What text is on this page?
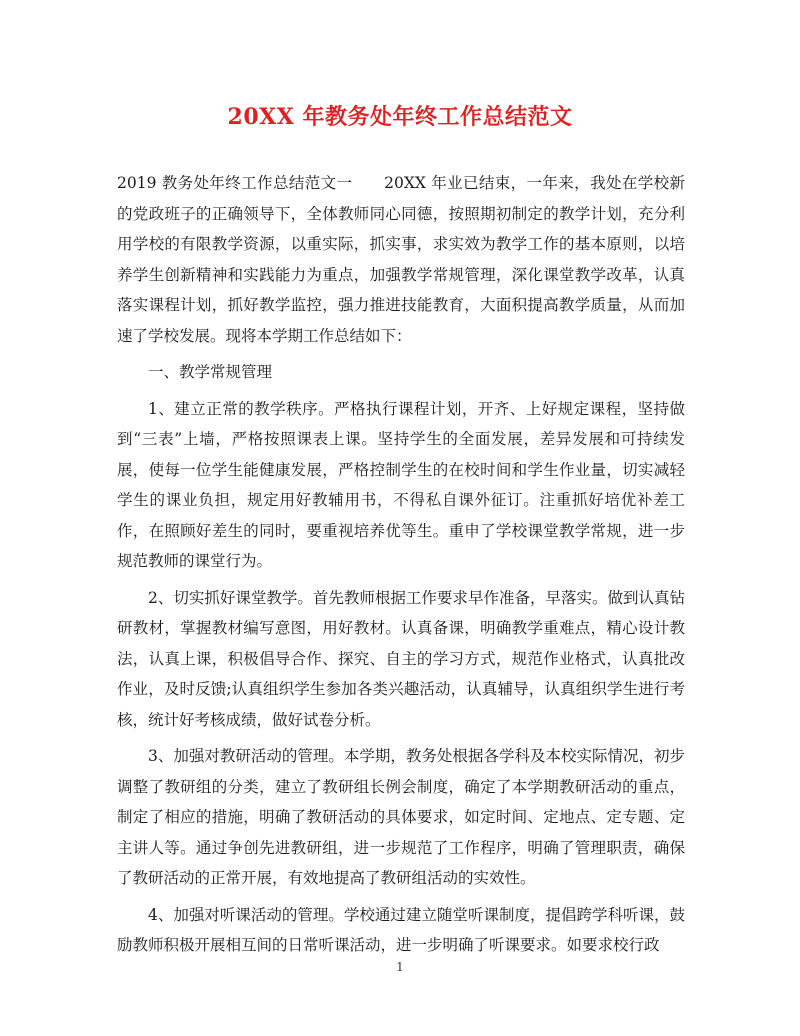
20XX 年教务处年终工作总结范文

2019 教务处年终工作总结范文一　　20XX 年业已结束，一年来，我处在学校新的党政班子的正确领导下，全体教师同心同德，按照期初制定的教学计划，充分利用学校的有限教学资源，以重实际，抓实事，求实效为教学工作的基本原则，以培养学生创新精神和实践能力为重点，加强教学常规管理，深化课堂教学改革，认真落实课程计划，抓好教学监控，强力推进技能教育，大面积提高教学质量，从而加速了学校发展。现将本学期工作总结如下：

一、教学常规管理

1、建立正常的教学秩序。严格执行课程计划，开齐、上好规定课程，坚持做到“三表”上墙，严格按照课表上课。坚持学生的全面发展，差异发展和可持续发展，使每一位学生能健康发展，严格控制学生的在校时间和学生作业量，切实减轻学生的课业负担，规定用好教辅用书，不得私自课外征订。注重抓好培优补差工作，在照顾好差生的同时，要重视培养优等生。重申了学校课堂教学常规，进一步规范教师的课堂行为。

2、切实抓好课堂教学。首先教师根据工作要求早作准备，早落实。做到认真钻研教材，掌握教材编写意图，用好教材。认真备课，明确教学重难点，精心设计教法，认真上课，积极倡导合作、探究、自主的学习方式，规范作业格式，认真批改作业，及时反馈;认真组织学生参加各类兴趣活动，认真辅导，认真组织学生进行考核，统计好考核成绩，做好试卷分析。

3、加强对教研活动的管理。本学期，教务处根据各学科及本校实际情况，初步调整了教研组的分类，建立了教研组长例会制度，确定了本学期教研活动的重点，制定了相应的措施，明确了教研活动的具体要求，如定时间、定地点、定专题、定主讲人等。通过争创先进教研组，进一步规范了工作程序，明确了管理职责，确保了教研活动的正常开展，有效地提高了教研组活动的实效性。

4、加强对听课活动的管理。学校通过建立随堂听课制度，提倡跨学科听课，鼓励教师积极开展相互间的日常听课活动，进一步明确了听课要求。如要求校行政

1
